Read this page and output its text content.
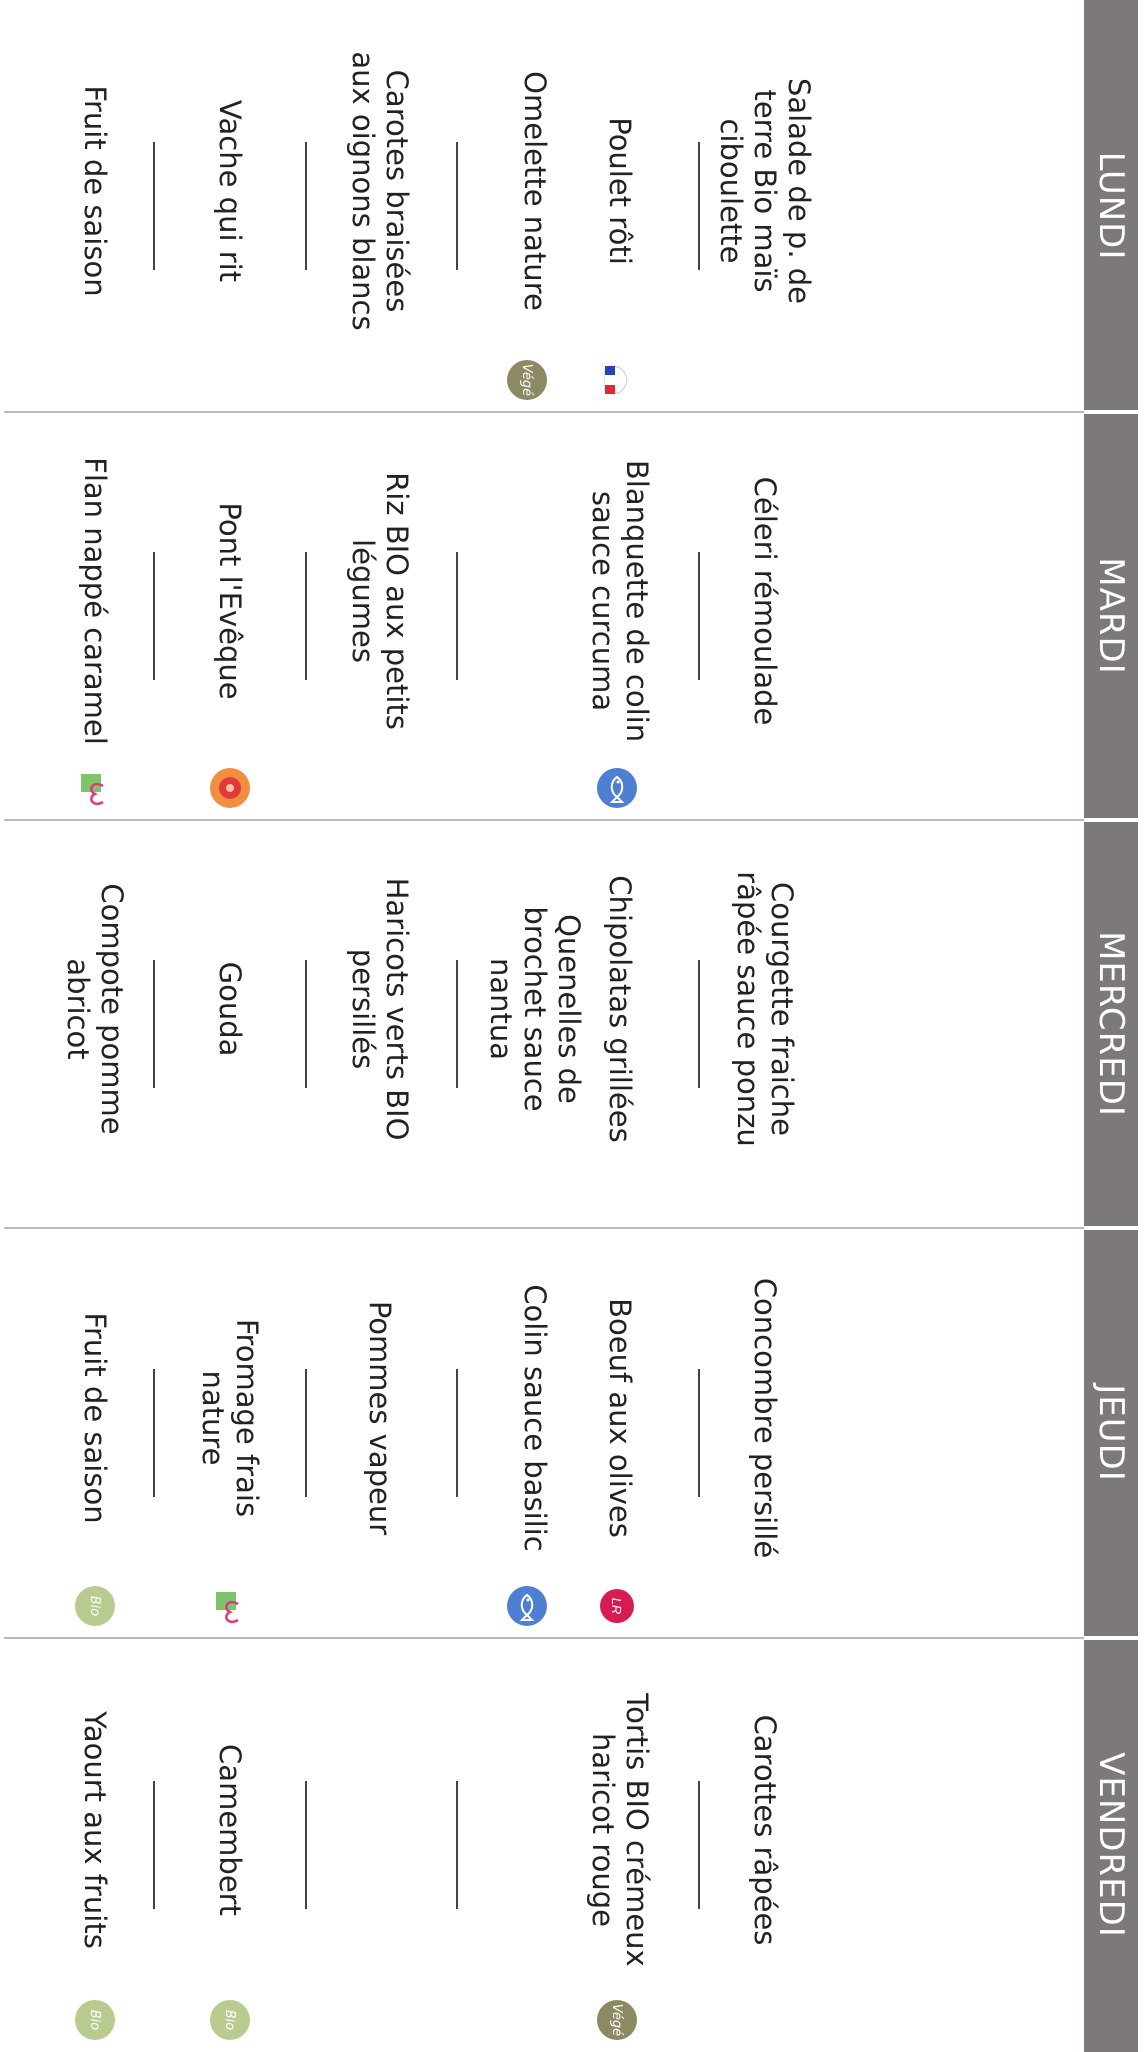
LUNDI
Salade de p. de terre Bio maïs ciboulette
Poulet rôti
Omelette nature
Carotes braisées aux oignons blancs
Vache qui rit
Fruit de saison
Végé
MARDI
Céleri rémoulade
Blanquette de colin sauce curcuma
Riz BIO aux petits légumes
Pont l'Evêque
Flan nappé caramel
MERCREDI
Courgette fraiche râpée sauce ponzu
Chipolatas grillées
Quenelles de brochet sauce nantua
Haricots verts BIO persillés
Gouda
Compote pomme abricot
JEUDI
Concombre persillé
Boeuf aux olives
Colin sauce basilic
Pommes vapeur
Fromage frais nature
Fruit de saison
LR
Bio
VENDREDI
Carottes râpées
Tortis BIO crémeux haricot rouge
Camembert
Yaourt aux fruits
Végé
Bio
Bio
